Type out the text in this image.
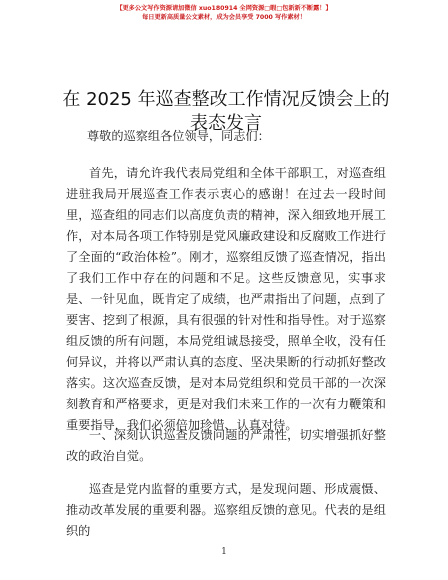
【更多公文写作资源请加微信 xuo180914 全网资源□暇□包新新不断露！】
每日更新高质量公文素材，成为会员享受 7000 写作素材！
在 2025 年巡查整改工作情况反馈会上的表态发言
尊敬的巡察组各位领导，同志们：
首先，请允许我代表局党组和全体干部职工，对巡查组进驻我局开展巡查工作表示衷心的感谢！在过去一段时间里，巡查组的同志们以高度负责的精神，深入细致地开展工作，对本局各项工作特别是党风廉政建设和反腐败工作进行了全面的“政治体检”。刚才，巡察组反馈了巡查情况，指出了我们工作中存在的问题和不足。这些反馈意见，实事求是、一针见血，既肯定了成绩，也严肃指出了问题，点到了要害、挖到了根源，具有很强的针对性和指导性。对于巡察组反馈的所有问题，本局党组诚恳接受，照单全收，没有任何异议，并将以严肃认真的态度、坚决果断的行动抓好整改落实。这次巡查反馈，是对本局党组织和党员干部的一次深刻教育和严格要求，更是对我们未来工作的一次有力鞭策和重要指导，我们必须倍加珍惜、认真对待。
一、深刻认识巡查反馈问题的严肃性，切实增强抓好整改的政治自觉。
巡查是党内监督的重要方式，是发现问题、形成震慑、推动改革发展的重要利器。巡察组反馈的意见。代表的是组织的
1
